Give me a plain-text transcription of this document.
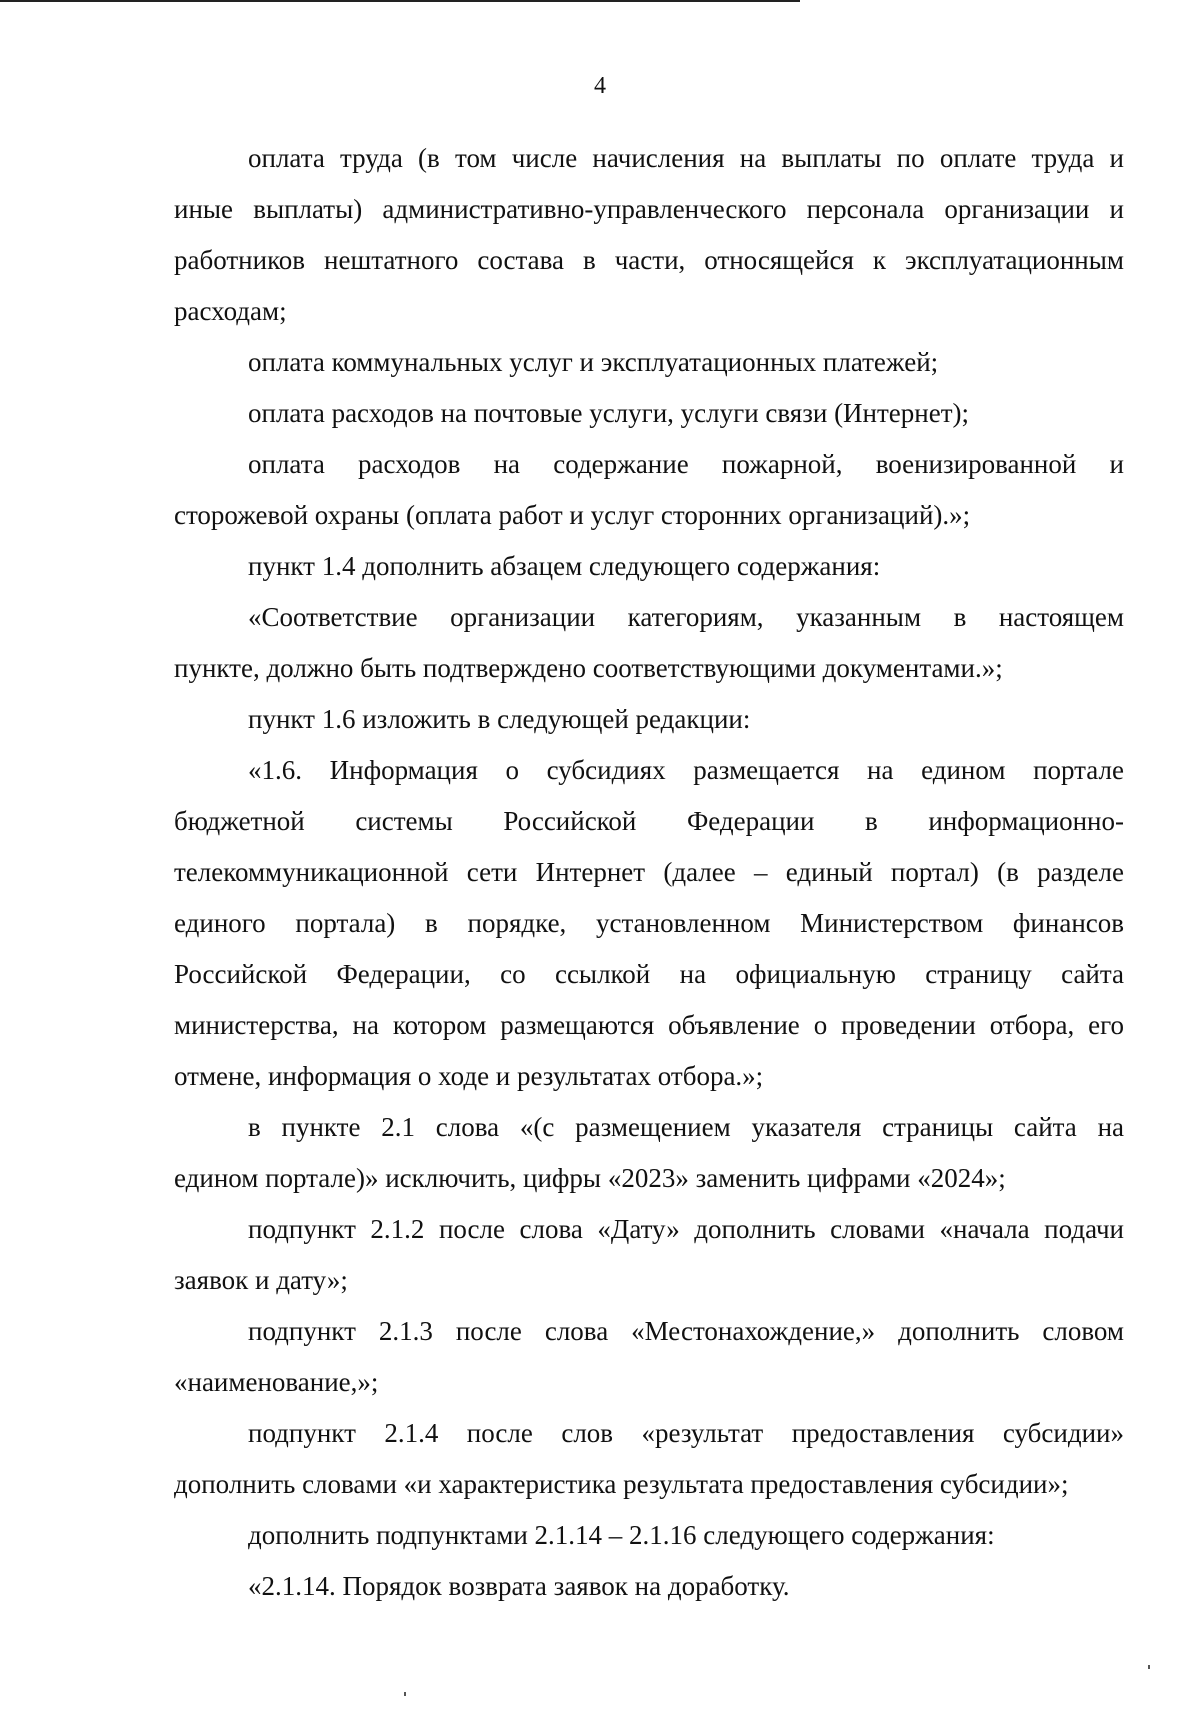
4
оплата труда (в том числе начисления на выплаты по оплате труда и
иные выплаты) административно-управленческого персонала организации и
работников нештатного состава в части, относящейся к эксплуатационным
расходам;
оплата коммунальных услуг и эксплуатационных платежей;
оплата расходов на почтовые услуги, услуги связи (Интернет);
оплата расходов на содержание пожарной, военизированной и
сторожевой охраны (оплата работ и услуг сторонних организаций).»;
пункт 1.4 дополнить абзацем следующего содержания:
«Соответствие организации категориям, указанным в настоящем
пункте, должно быть подтверждено соответствующими документами.»;
пункт 1.6 изложить в следующей редакции:
«1.6. Информация о субсидиях размещается на едином портале
бюджетной системы Российской Федерации в информационно-
телекоммуникационной сети Интернет (далее – единый портал) (в разделе
единого портала) в порядке, установленном Министерством финансов
Российской Федерации, со ссылкой на официальную страницу сайта
министерства, на котором размещаются объявление о проведении отбора, его
отмене, информация о ходе и результатах отбора.»;
в пункте 2.1 слова «(с размещением указателя страницы сайта на
едином портале)» исключить, цифры «2023» заменить цифрами «2024»;
подпункт 2.1.2 после слова «Дату» дополнить словами «начала подачи
заявок и дату»;
подпункт 2.1.3 после слова «Местонахождение,» дополнить словом
«наименование,»;
подпункт 2.1.4 после слов «результат предоставления субсидии»
дополнить словами «и характеристика результата предоставления субсидии»;
дополнить подпунктами 2.1.14 – 2.1.16 следующего содержания:
«2.1.14. Порядок возврата заявок на доработку.
